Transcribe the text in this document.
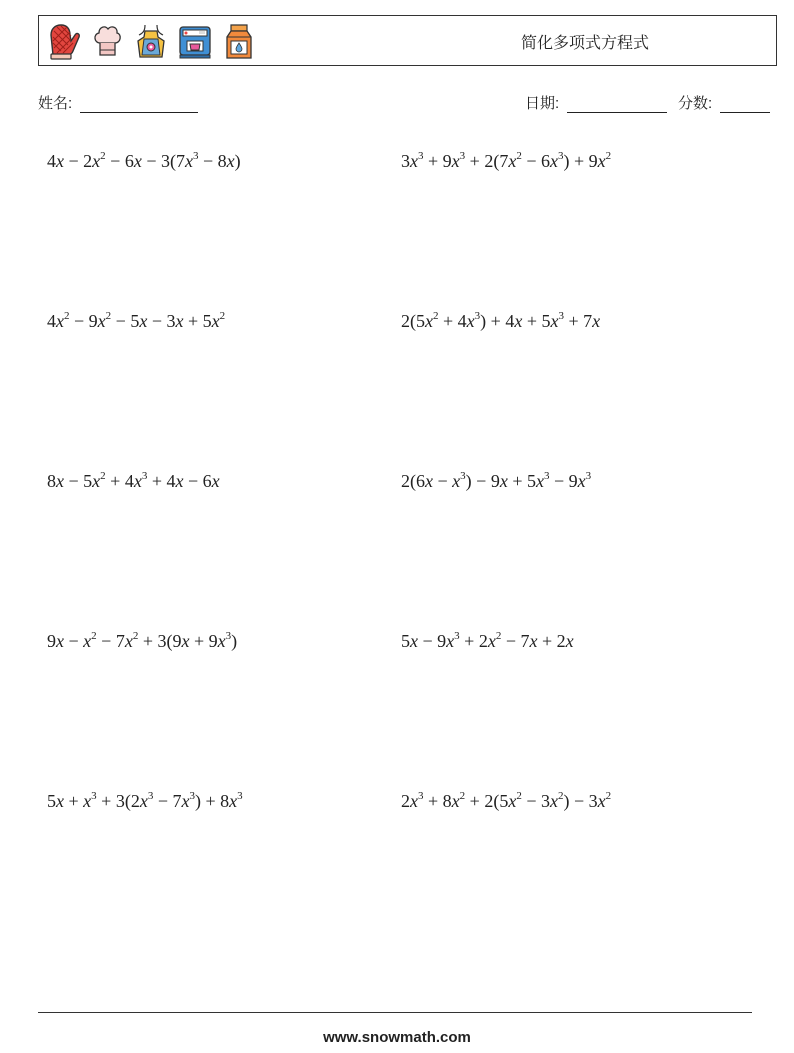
简化多项式方程式
姓名:	日期:	分数:
$4x - 2x^2 - 6x - 3(7x^3 - 8x)$	$3x^3 + 9x^3 + 2(7x^2 - 6x^3) + 9x^2$
$4x^2 - 9x^2 - 5x - 3x + 5x^2$	$2(5x^2 + 4x^3) + 4x + 5x^3 + 7x$
$8x - 5x^2 + 4x^3 + 4x - 6x$	$2(6x - x^3) - 9x + 5x^3 - 9x^3$
$9x - x^2 - 7x^2 + 3(9x + 9x^3)$	$5x - 9x^3 + 2x^2 - 7x + 2x$
$5x + x^3 + 3(2x^3 - 7x^3) + 8x^3$	$2x^3 + 8x^2 + 2(5x^2 - 3x^2) - 3x^2$
www.snowmath.com
